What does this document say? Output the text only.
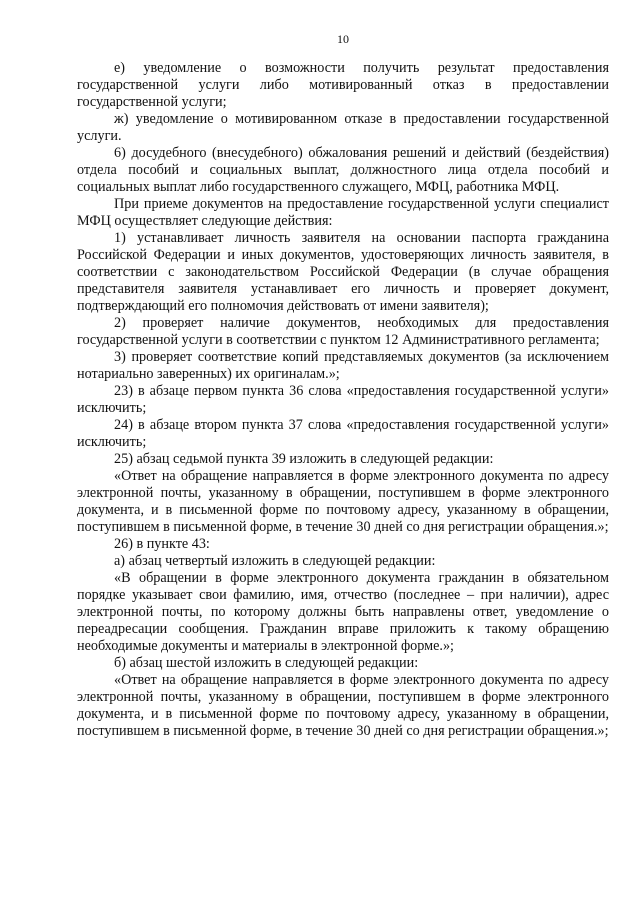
10

е) уведомление о возможности получить результат предоставления государственной услуги либо мотивированный отказ в предоставлении государственной услуги;

ж) уведомление о мотивированном отказе в предоставлении государственной услуги.

6) досудебного (внесудебного) обжалования решений и действий (бездействия) отдела пособий и социальных выплат, должностного лица отдела пособий и социальных выплат либо государственного служащего, МФЦ, работника МФЦ.

При приеме документов на предоставление государственной услуги специалист МФЦ осуществляет следующие действия:

1) устанавливает личность заявителя на основании паспорта гражданина Российской Федерации и иных документов, удостоверяющих личность заявителя, в соответствии с законодательством Российской Федерации (в случае обращения представителя заявителя устанавливает его личность и проверяет документ, подтверждающий его полномочия действовать от имени заявителя);

2) проверяет наличие документов, необходимых для предоставления государственной услуги в соответствии с пунктом 12 Административного регламента;

3) проверяет соответствие копий представляемых документов (за исключением нотариально заверенных) их оригиналам.»;

23) в абзаце первом пункта 36 слова «предоставления государственной услуги» исключить;

24) в абзаце втором пункта 37 слова «предоставления государственной услуги» исключить;

25) абзац седьмой пункта 39 изложить в следующей редакции:

«Ответ на обращение направляется в форме электронного документа по адресу электронной почты, указанному в обращении, поступившем в форме электронного документа, и в письменной форме по почтовому адресу, указанному в обращении, поступившем в письменной форме, в течение 30 дней со дня регистрации обращения.»;

26) в пункте 43:

а) абзац четвертый изложить в следующей редакции:

«В обращении в форме электронного документа гражданин в обязательном порядке указывает свои фамилию, имя, отчество (последнее – при наличии), адрес электронной почты, по которому должны быть направлены ответ, уведомление о переадресации сообщения. Гражданин вправе приложить к такому обращению необходимые документы и материалы в электронной форме.»;

б) абзац шестой изложить в следующей редакции:

«Ответ на обращение направляется в форме электронного документа по адресу электронной почты, указанному в обращении, поступившем в форме электронного документа, и в письменной форме по почтовому адресу, указанному в обращении, поступившем в письменной форме, в течение 30 дней со дня регистрации обращения.»;
